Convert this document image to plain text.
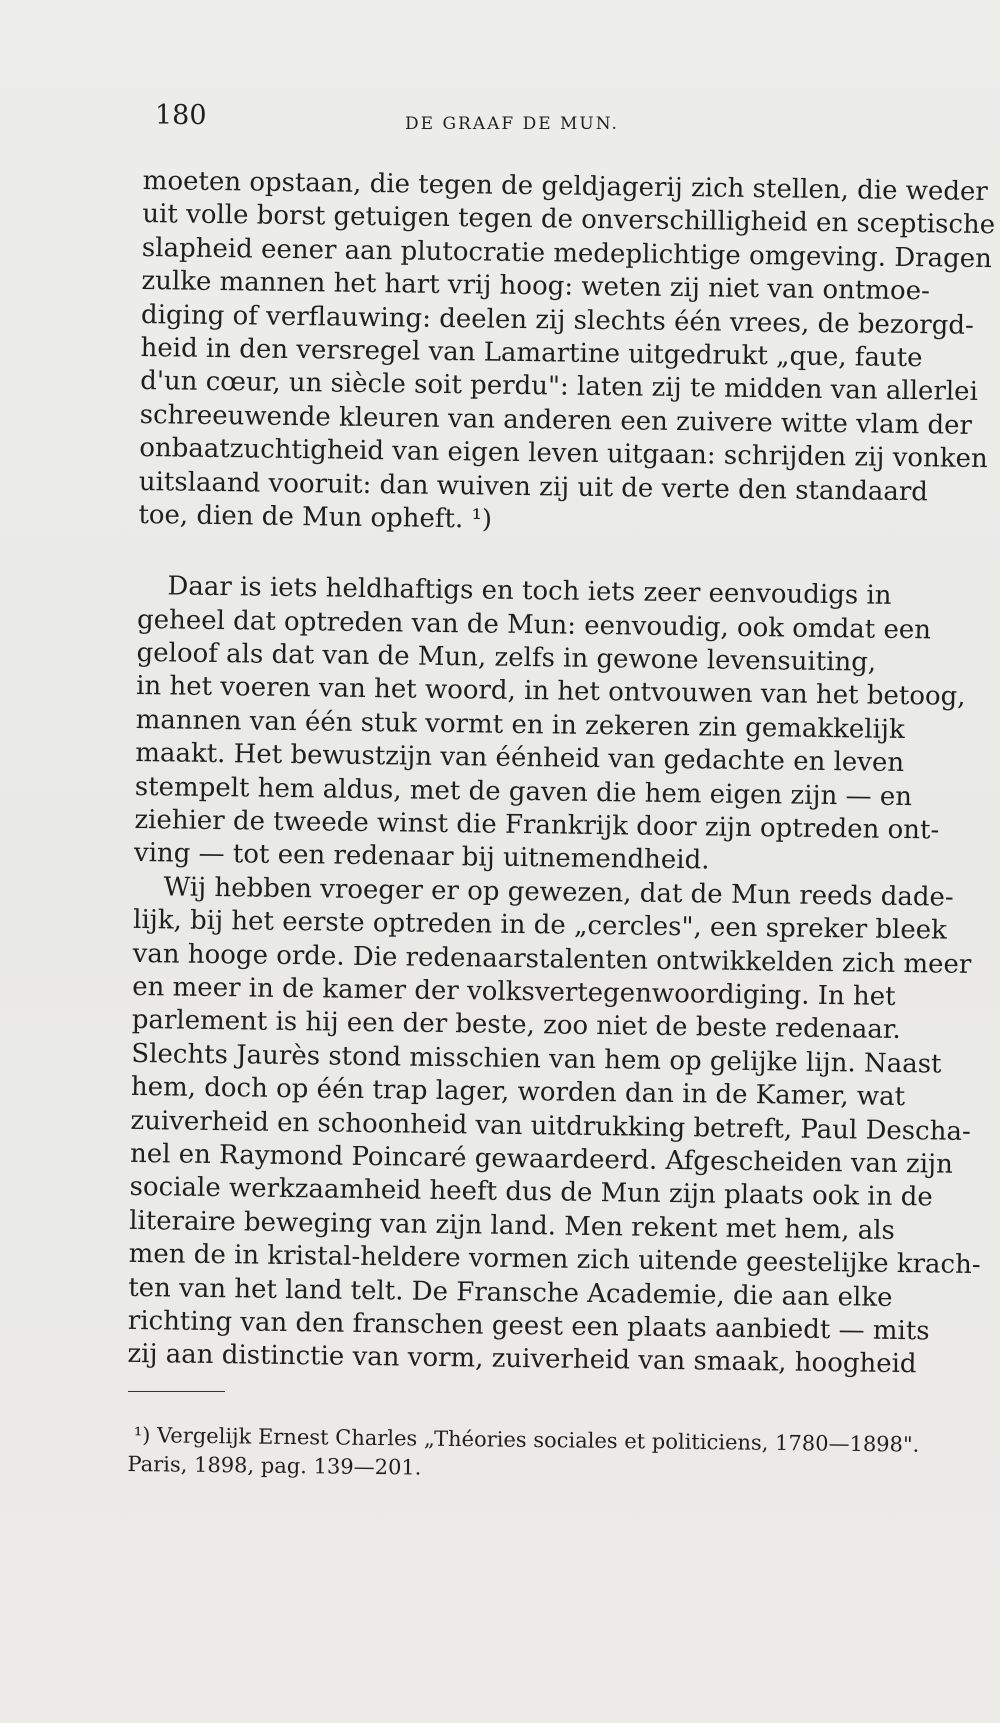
180	DE GRAAF DE MUN.
moeten opstaan, die tegen de geldjagerij zich stellen, die weder
uit volle borst getuigen tegen de onverschilligheid en sceptische
slapheid eener aan plutocratie medeplichtige omgeving. Dragen
zulke mannen het hart vrij hoog: weten zij niet van ontmoe-
diging of verflauwing: deelen zij slechts één vrees, de bezorgd-
heid in den versregel van Lamartine uitgedrukt „que, faute
d'un cœur, un siècle soit perdu": laten zij te midden van allerlei
schreeuwende kleuren van anderen een zuivere witte vlam der
onbaatzuchtigheid van eigen leven uitgaan: schrijden zij vonken
uitslaand vooruit: dan wuiven zij uit de verte den standaard
toe, dien de Mun opheft. ¹)
Daar is iets heldhaftigs en toch iets zeer eenvoudigs in
geheel dat optreden van de Mun: eenvoudig, ook omdat een
geloof als dat van de Mun, zelfs in gewone levensuiting,
in het voeren van het woord, in het ontvouwen van het betoog,
mannen van één stuk vormt en in zekeren zin gemakkelijk
maakt. Het bewustzijn van éénheid van gedachte en leven
stempelt hem aldus, met de gaven die hem eigen zijn — en
ziehier de tweede winst die Frankrijk door zijn optreden ont-
ving — tot een redenaar bij uitnemendheid.
Wij hebben vroeger er op gewezen, dat de Mun reeds dade-
lijk, bij het eerste optreden in de „cercles", een spreker bleek
van hooge orde. Die redenaarstalenten ontwikkelden zich meer
en meer in de kamer der volksvertegenwoordiging. In het
parlement is hij een der beste, zoo niet de beste redenaar.
Slechts Jaurès stond misschien van hem op gelijke lijn. Naast
hem, doch op één trap lager, worden dan in de Kamer, wat
zuiverheid en schoonheid van uitdrukking betreft, Paul Descha-
nel en Raymond Poincaré gewaardeerd. Afgescheiden van zijn
sociale werkzaamheid heeft dus de Mun zijn plaats ook in de
literaire beweging van zijn land. Men rekent met hem, als
men de in kristal-heldere vormen zich uitende geestelijke krach-
ten van het land telt. De Fransche Academie, die aan elke
richting van den franschen geest een plaats aanbiedt — mits
zij aan distinctie van vorm, zuiverheid van smaak, hoogheid
¹) Vergelijk Ernest Charles „Théories sociales et politiciens, 1780—1898".
Paris, 1898, pag. 139—201.
